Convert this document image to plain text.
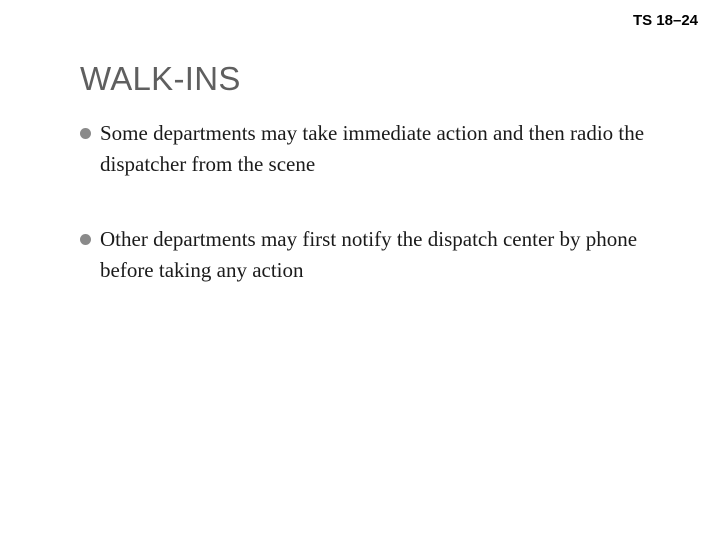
TS 18–24
WALK-INS
Some departments may take immediate action and then radio the dispatcher from the scene
Other departments may first notify the dispatch center by phone before taking any action
